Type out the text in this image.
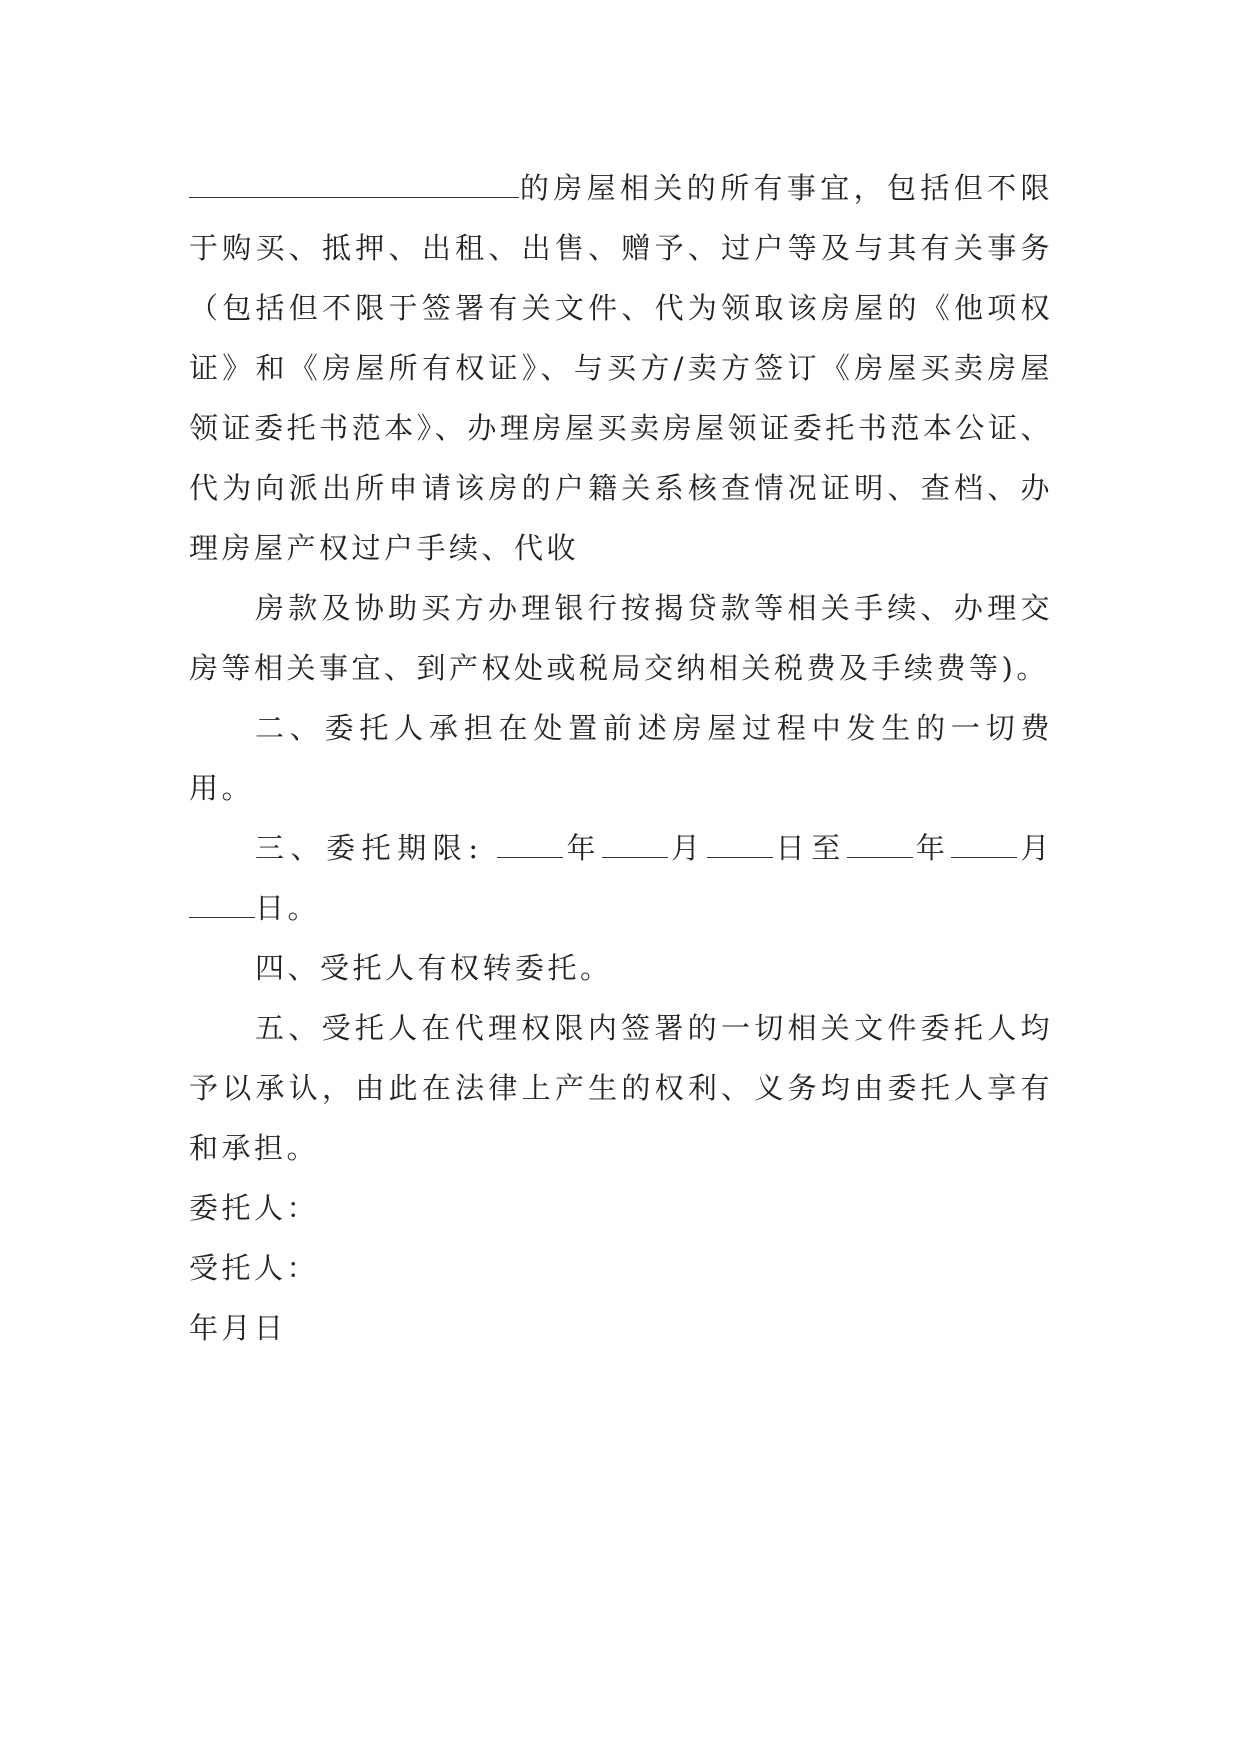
的房屋相关的所有事宜，包括但不限于购买、抵押、出租、出售、赠予、过户等及与其有关事务（包括但不限于签署有关文件、代为领取该房屋的《他项权证》和《房屋所有权证》、与买方/卖方签订《房屋买卖房屋领证委托书范本》、办理房屋买卖房屋领证委托书范本公证、代为向派出所申请该房的户籍关系核查情况证明、查档、办理房屋产权过户手续、代收

房款及协助买方办理银行按揭贷款等相关手续、办理交房等相关事宜、到产权处或税局交纳相关税费及手续费等)。

二、委托人承担在处置前述房屋过程中发生的一切费用。

三、委托期限:	年 月 日至 年 月日。

四、受托人有权转委托。

五、受托人在代理权限内签署的一切相关文件委托人均予以承认，由此在法律上产生的权利、义务均由委托人享有和承担。

委托人：

受托人：

年月日
